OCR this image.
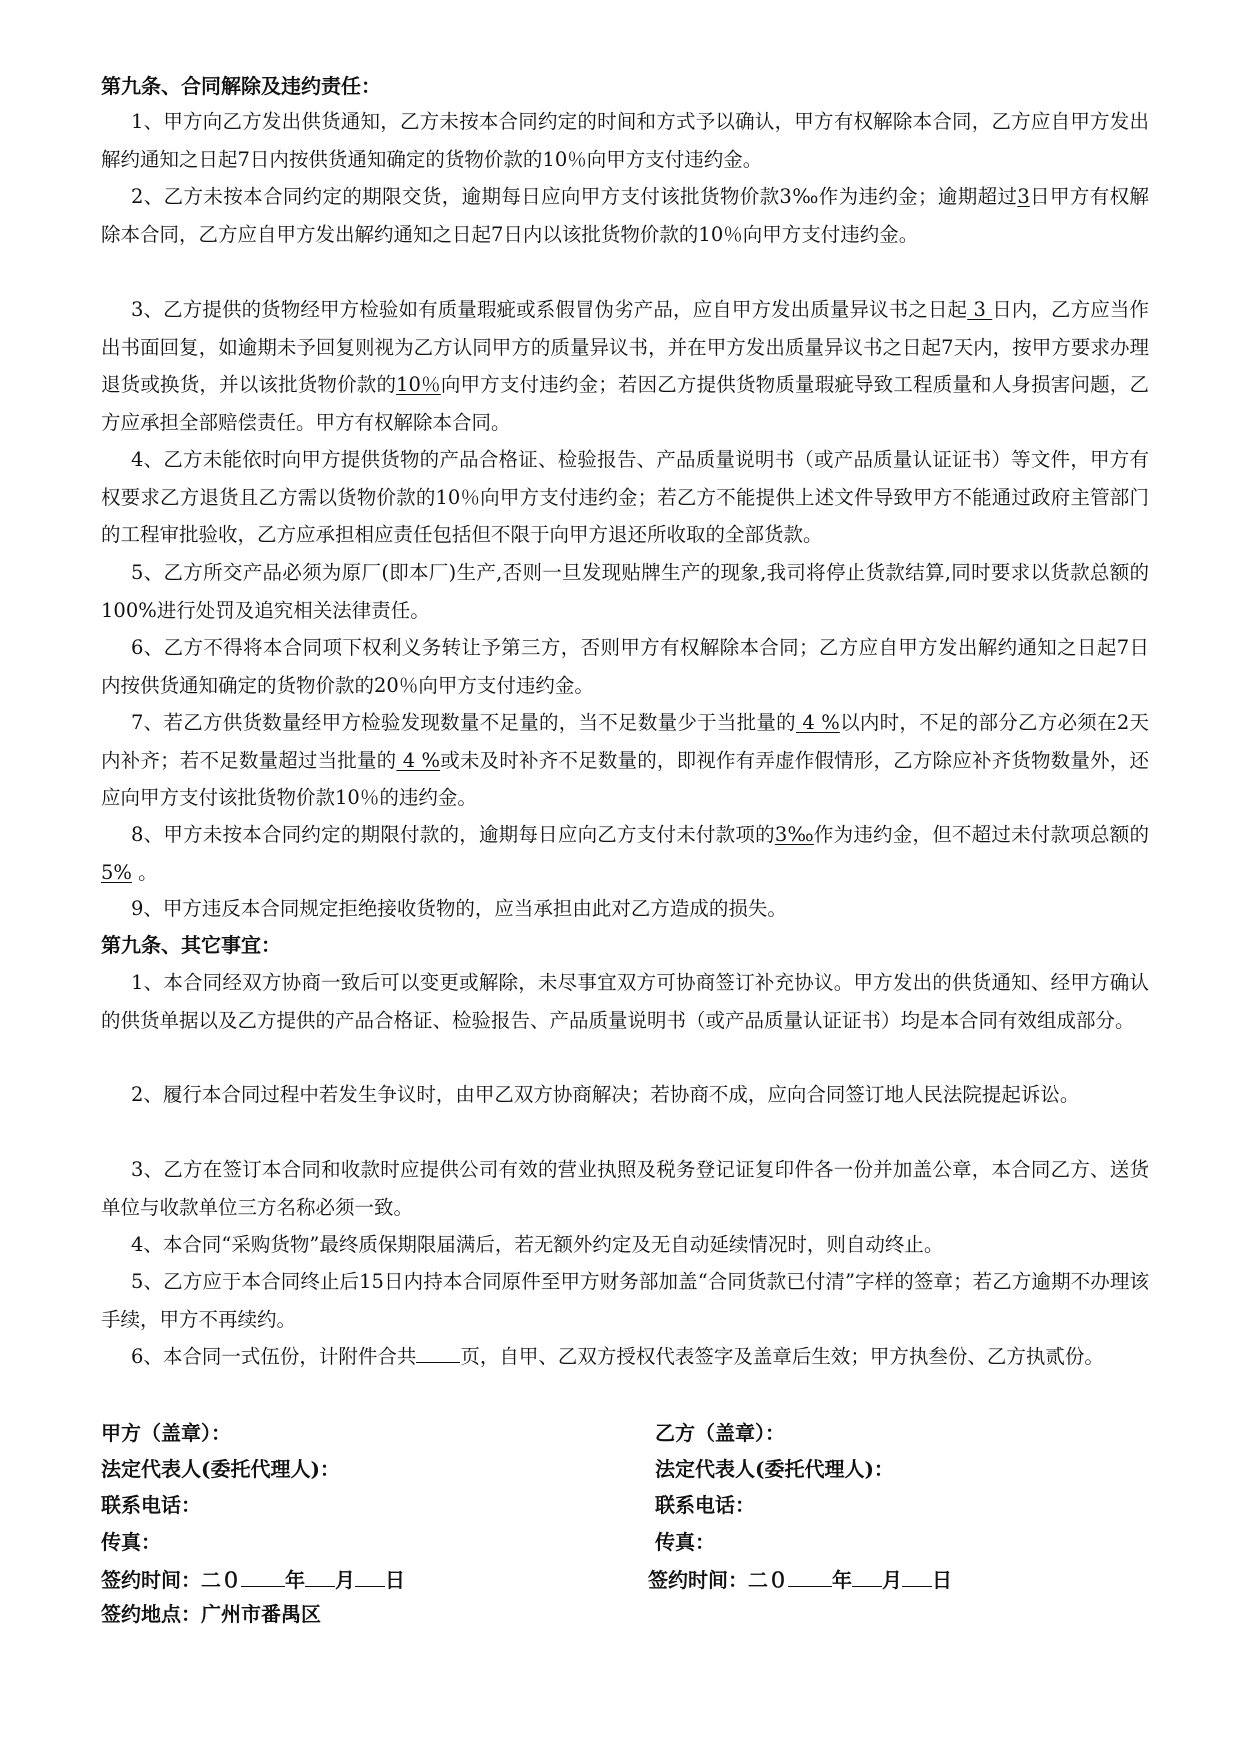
第九条、合同解除及违约责任：
1、甲方向乙方发出供货通知，乙方未按本合同约定的时间和方式予以确认，甲方有权解除本合同，乙方应自甲方发出解约通知之日起7日内按供货通知确定的货物价款的10％向甲方支付违约金。
2、乙方未按本合同约定的期限交货，逾期每日应向甲方支付该批货物价款3‰作为违约金；逾期超过3日甲方有权解除本合同，乙方应自甲方发出解约通知之日起7日内以该批货物价款的10％向甲方支付违约金。
3、乙方提供的货物经甲方检验如有质量瑕疵或系假冒伪劣产品，应自甲方发出质量异议书之日起 3 日内，乙方应当作出书面回复，如逾期未予回复则视为乙方认同甲方的质量异议书，并在甲方发出质量异议书之日起7天内，按甲方要求办理退货或换货，并以该批货物价款的10％向甲方支付违约金；若因乙方提供货物质量瑕疵导致工程质量和人身损害问题，乙方应承担全部赔偿责任。甲方有权解除本合同。
4、乙方未能依时向甲方提供货物的产品合格证、检验报告、产品质量说明书（或产品质量认证证书）等文件，甲方有权要求乙方退货且乙方需以货物价款的10％向甲方支付违约金；若乙方不能提供上述文件导致甲方不能通过政府主管部门的工程审批验收，乙方应承担相应责任包括但不限于向甲方退还所收取的全部货款。
5、乙方所交产品必须为原厂(即本厂)生产,否则一旦发现贴牌生产的现象,我司将停止货款结算,同时要求以货款总额的100%进行处罚及追究相关法律责任。
6、乙方不得将本合同项下权利义务转让予第三方，否则甲方有权解除本合同；乙方应自甲方发出解约通知之日起7日内按供货通知确定的货物价款的20％向甲方支付违约金。
7、若乙方供货数量经甲方检验发现数量不足量的，当不足数量少于当批量的 4 %以内时，不足的部分乙方必须在2天内补齐；若不足数量超过当批量的 4 %或未及时补齐不足数量的，即视作有弄虚作假情形，乙方除应补齐货物数量外，还应向甲方支付该批货物价款10％的违约金。
8、甲方未按本合同约定的期限付款的，逾期每日应向乙方支付未付款项的3‰作为违约金，但不超过未付款项总额的5% 。
9、甲方违反本合同规定拒绝接收货物的，应当承担由此对乙方造成的损失。
第九条、其它事宜：
1、本合同经双方协商一致后可以变更或解除，未尽事宜双方可协商签订补充协议。甲方发出的供货通知、经甲方确认的供货单据以及乙方提供的产品合格证、检验报告、产品质量说明书（或产品质量认证证书）均是本合同有效组成部分。
2、履行本合同过程中若发生争议时，由甲乙双方协商解决；若协商不成，应向合同签订地人民法院提起诉讼。
3、乙方在签订本合同和收款时应提供公司有效的营业执照及税务登记证复印件各一份并加盖公章，本合同乙方、送货单位与收款单位三方名称必须一致。
4、本合同“采购货物”最终质保期限届满后，若无额外约定及无自动延续情况时，则自动终止。
5、乙方应于本合同终止后15日内持本合同原件至甲方财务部加盖“合同货款已付清”字样的签章；若乙方逾期不办理该手续，甲方不再续约。
6、本合同一式伍份，计附件合共 页，自甲、乙双方授权代表签字及盖章后生效；甲方执叁份、乙方执贰份。
甲方（盖章）：
法定代表人(委托代理人)：
联系电话：
传真：
签约时间：二０ 年 月 日
签约地点：广州市番禺区
乙方（盖章）：
法定代表人(委托代理人)：
联系电话：
传真：
签约时间：二０ 年 月 日
